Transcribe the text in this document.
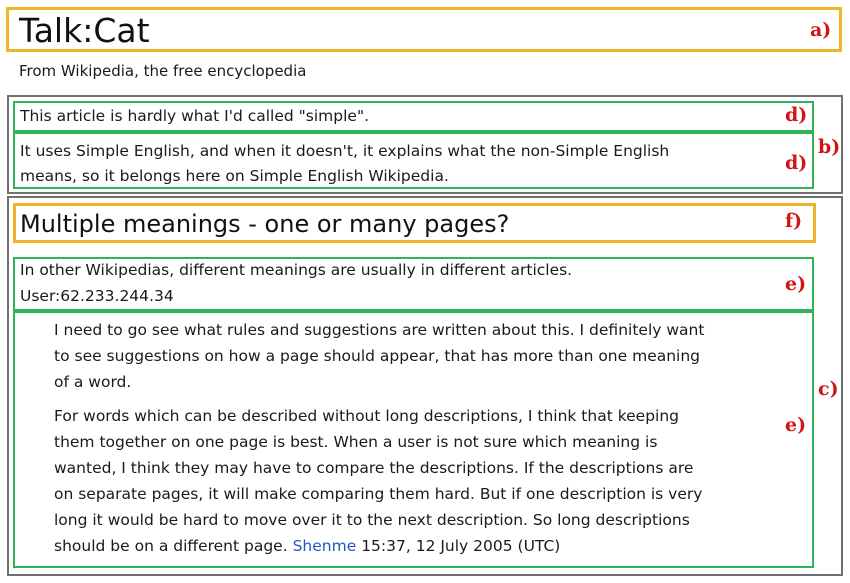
Talk:Cat	a)
From Wikipedia, the free encyclopedia
This article is hardly what I'd called "simple".	d)
It uses Simple English, and when it doesn't, it explains what the non-Simple English
means, so it belongs here on Simple English Wikipedia.
d)
b)
Multiple meanings - one or many pages?	f)
In other Wikipedias, different meanings are usually in different articles.
User:62.233.244.34
e)
I need to go see what rules and suggestions are written about this. I definitely want
to see suggestions on how a page should appear, that has more than one meaning
of a word.
For words which can be described without long descriptions, I think that keeping
them together on one page is best. When a user is not sure which meaning is
wanted, I think they may have to compare the descriptions. If the descriptions are
on separate pages, it will make comparing them hard. But if one description is very
long it would be hard to move over it to the next description. So long descriptions
should be on a different page. Shenme 15:37, 12 July 2005 (UTC)
e)
c)
